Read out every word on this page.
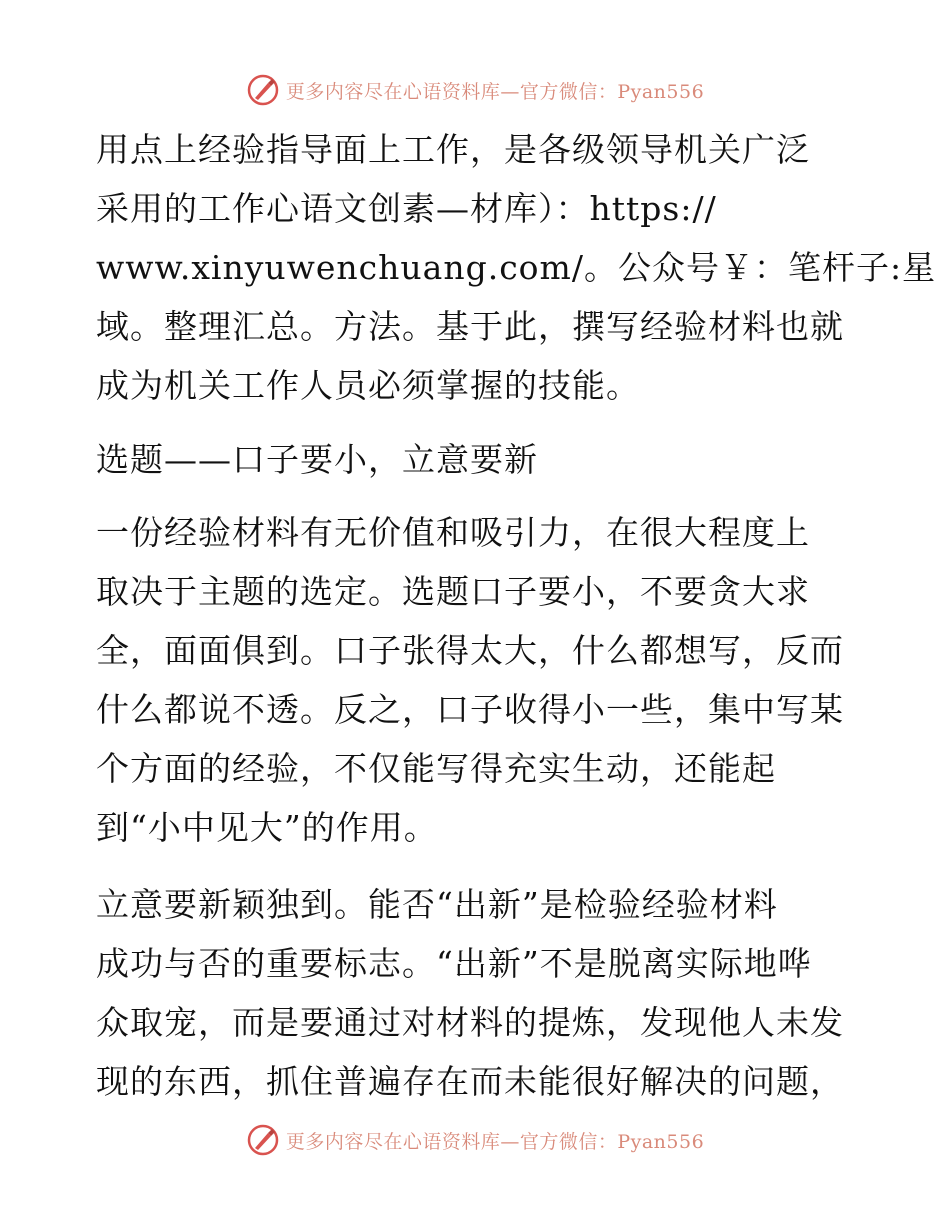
更多内容尽在心语资料库—官方微信：Pyan556

用点上经验指导面上工作，是各级领导机关广泛
采用的工作心语文创素—材库）：https://
www.xinyuwenchuang.com/。公众号￥：笔杆子:星
域。整理汇总。方法。基于此，撰写经验材料也就
成为机关工作人员必须掌握的技能。

选题——口子要小，立意要新

一份经验材料有无价值和吸引力，在很大程度上
取决于主题的选定。选题口子要小，不要贪大求
全，面面俱到。口子张得太大，什么都想写，反而
什么都说不透。反之，口子收得小一些，集中写某
个方面的经验，不仅能写得充实生动，还能起
到“小中见大”的作用。

立意要新颖独到。能否“出新”是检验经验材料
成功与否的重要标志。“出新”不是脱离实际地哗
众取宠，而是要通过对材料的提炼，发现他人未发
现的东西，抓住普遍存在而未能很好解决的问题，

更多内容尽在心语资料库—官方微信：Pyan556
